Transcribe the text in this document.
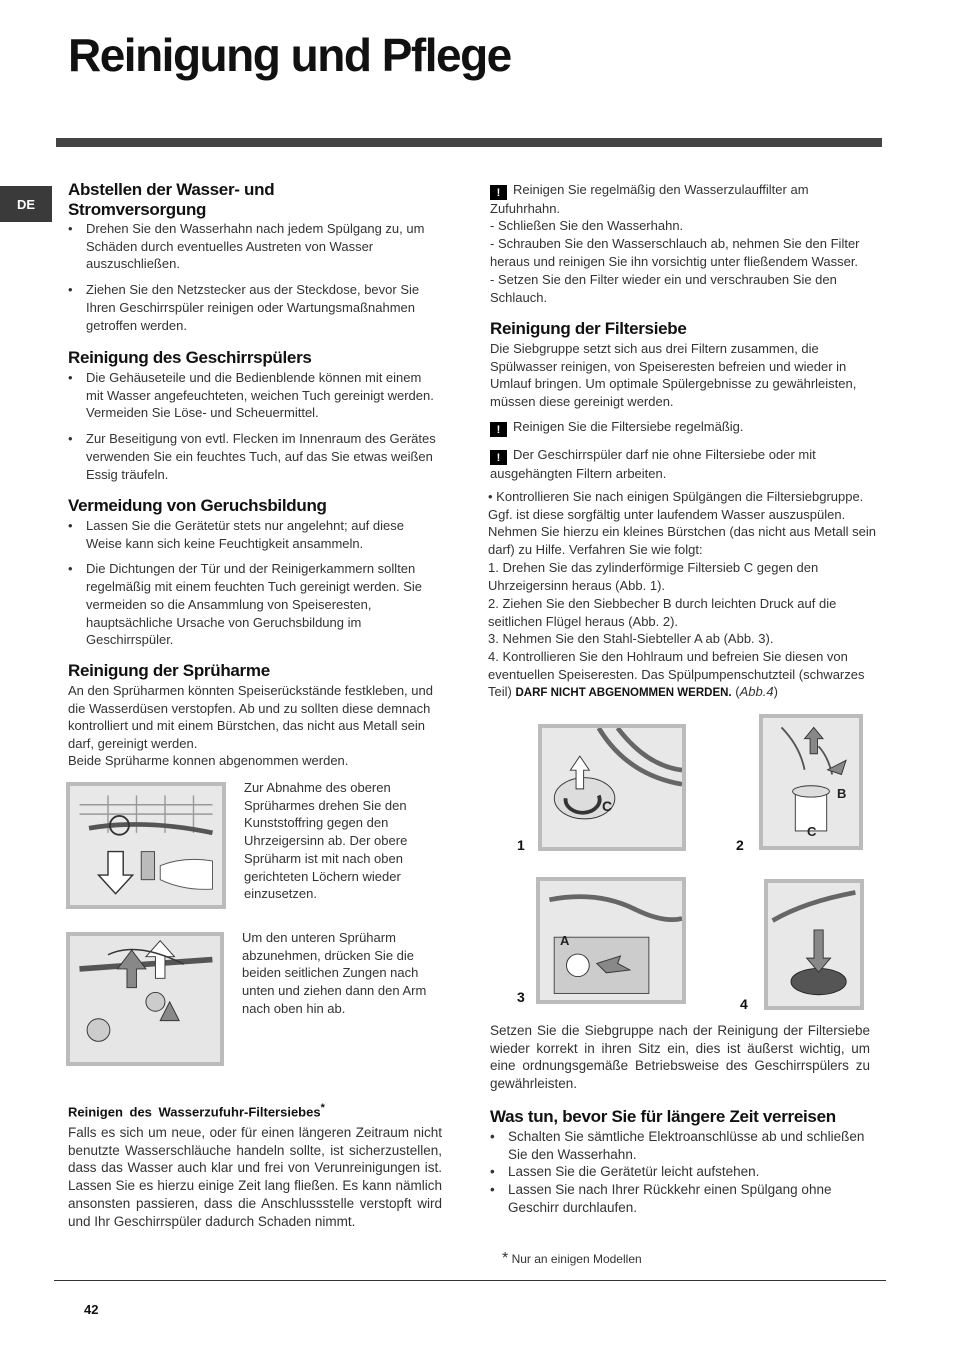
Reinigung und Pflege
DE
Abstellen der Wasser- und Stromversorgung
• Drehen Sie den Wasserhahn nach jedem Spülgang zu, um Schäden durch eventuelles Austreten von Wasser auszuschließen.
• Ziehen Sie den Netzstecker aus der Steckdose, bevor Sie Ihren Geschirrspüler reinigen oder Wartungsmaßnahmen getroffen werden.
Reinigung des Geschirrspülers
• Die Gehäuseteile und die Bedienblende können mit einem mit Wasser angefeuchteten, weichen Tuch gereinigt werden. Vermeiden Sie Löse- und Scheuermittel.
• Zur Beseitigung von evtl. Flecken im Innenraum des Gerätes verwenden Sie ein feuchtes Tuch, auf das Sie etwas weißen Essig träufeln.
Vermeidung von Geruchsbildung
• Lassen Sie die Gerätetür stets nur angelehnt; auf diese Weise kann sich keine Feuchtigkeit ansammeln.
• Die Dichtungen der Tür und der Reinigerkammern sollten regelmäßig mit einem feuchten Tuch gereinigt werden. Sie vermeiden so die Ansammlung von Speiseresten, hauptsächliche Ursache von Geruchsbildung im Geschirrspüler.
Reinigung der Sprüharme

An den Sprüharmen könnten Speiserückstände festkleben, und die Wasserdüsen verstopfen. Ab und zu sollten diese demnach kontrolliert und mit einem Bürstchen, das nicht aus Metall sein darf, gereinigt werden.

Beide Sprüharme konnen abgenommen werden.

Zur Abnahme des oberen Sprüharmes drehen Sie den Kunststoffring gegen den Uhrzeigersinn ab. Der obere Sprüharm ist mit nach oben gerichteten Löchern wieder einzusetzen.

Um den unteren Sprüharm abzunehmen, drücken Sie die beiden seitlichen Zungen nach unten und ziehen dann den Arm nach oben hin ab.

Reinigen des Wasserzufuhr-Filtersiebes*

Falls es sich um neue, oder für einen längeren Zeitraum nicht benutzte Wasserschläuche handeln sollte, ist sicherzustellen, dass das Wasser auch klar und frei von Verunreinigungen ist. Lassen Sie es hierzu einige Zeit lang fließen. Es kann nämlich ansonsten passieren, dass die Anschlussstelle verstopft wird und Ihr Geschirrspüler dadurch Schaden nimmt.

! Reinigen Sie regelmäßig den Wasserzulauffilter am Zufuhrhahn.

- Schließen Sie den Wasserhahn.

- Schrauben Sie den Wasserschlauch ab, nehmen Sie den Filter heraus und reinigen Sie ihn vorsichtig unter fließendem Wasser.

- Setzen Sie den Filter wieder ein und verschrauben Sie den Schlauch.

Reinigung der Filtersiebe

Die Siebgruppe setzt sich aus drei Filtern zusammen, die Spülwasser reinigen, von Speiseresten befreien und wieder in Umlauf bringen. Um optimale Spülergebnisse zu gewährleisten, müssen diese gereinigt werden.

! Reinigen Sie die Filtersiebe regelmäßig.

! Der Geschirrspüler darf nie ohne Filtersiebe oder mit ausgehängten Filtern arbeiten.

• Kontrollieren Sie nach einigen Spülgängen die Filtersiebgruppe. Ggf. ist diese sorgfältig unter laufendem Wasser auszuspülen. Nehmen Sie hierzu ein kleines Bürstchen (das nicht aus Metall sein darf) zu Hilfe. Verfahren Sie wie folgt:

1. Drehen Sie das zylinderförmige Filtersieb C gegen den Uhrzeigersinn heraus (Abb. 1).

2. Ziehen Sie den Siebbecher B durch leichten Druck auf die seitlichen Flügel heraus (Abb. 2).

3. Nehmen Sie den Stahl-Siebteller A ab (Abb. 3).

4. Kontrollieren Sie den Hohlraum und befreien Sie diesen von eventuellen Speiseresten. Das Spülpumpenschutzteil (schwarzes Teil) DARF NICHT ABGENOMMEN WERDEN. (Abb.4)

C
1
B
C
2
A
3	4

Setzen Sie die Siebgruppe nach der Reinigung der Filtersiebe wieder korrekt in ihren Sitz ein, dies ist äußerst wichtig, um eine ordnungsgemäße Betriebsweise des Geschirrspülers zu gewährleisten.

Was tun, bevor Sie für längere Zeit verreisen
• Schalten Sie sämtliche Elektroanschlüsse ab und schließen Sie den Wasserhahn.
• Lassen Sie die Gerätetür leicht aufstehen.
• Lassen Sie nach Ihrer Rückkehr einen Spülgang ohne Geschirr durchlaufen.
* Nur an einigen Modellen
42
